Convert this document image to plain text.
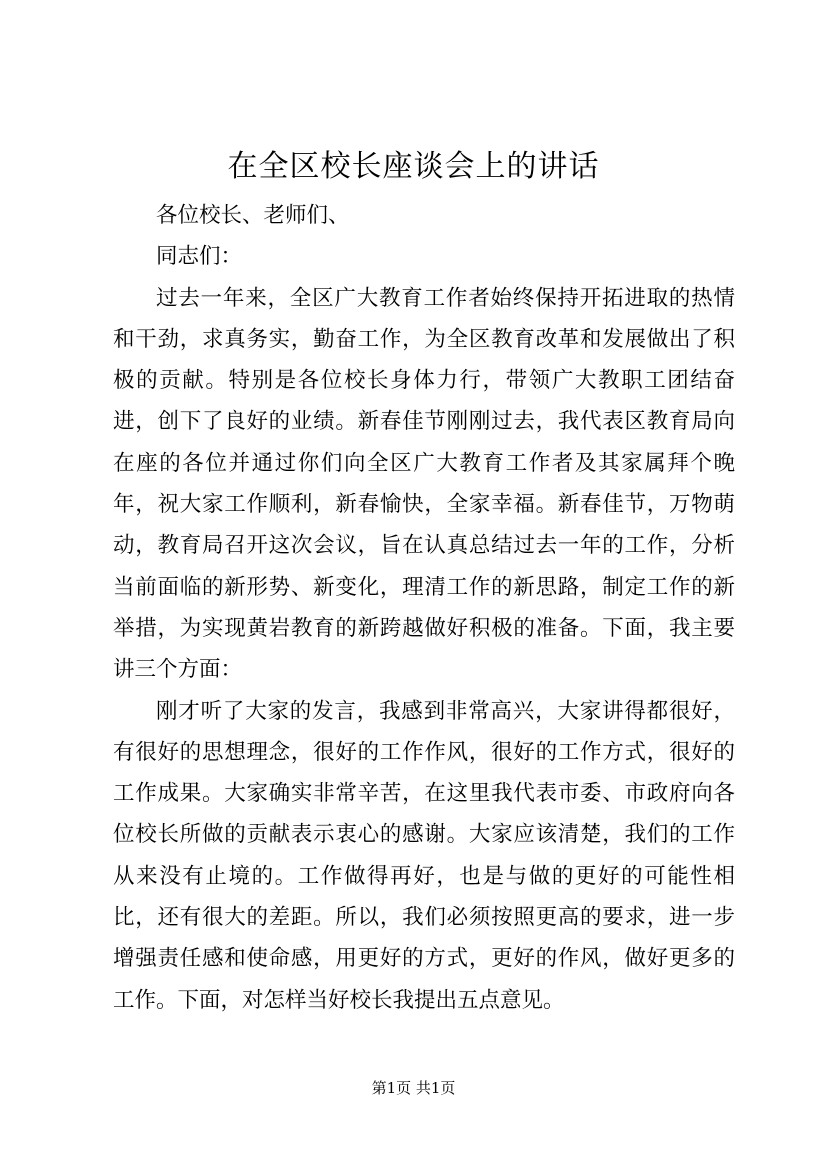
在全区校长座谈会上的讲话

各位校长、老师们、

同志们：

过去一年来，全区广大教育工作者始终保持开拓进取的热情和干劲，求真务实，勤奋工作，为全区教育改革和发展做出了积极的贡献。特别是各位校长身体力行，带领广大教职工团结奋进，创下了良好的业绩。新春佳节刚刚过去，我代表区教育局向在座的各位并通过你们向全区广大教育工作者及其家属拜个晚年，祝大家工作顺利，新春愉快，全家幸福。新春佳节，万物萌动，教育局召开这次会议，旨在认真总结过去一年的工作，分析当前面临的新形势、新变化，理清工作的新思路，制定工作的新举措，为实现黄岩教育的新跨越做好积极的准备。下面，我主要讲三个方面：

刚才听了大家的发言，我感到非常高兴，大家讲得都很好，有很好的思想理念，很好的工作作风，很好的工作方式，很好的工作成果。大家确实非常辛苦，在这里我代表市委、市政府向各位校长所做的贡献表示衷心的感谢。大家应该清楚，我们的工作从来没有止境的。工作做得再好，也是与做的更好的可能性相比，还有很大的差距。所以，我们必须按照更高的要求，进一步增强责任感和使命感，用更好的方式，更好的作风，做好更多的工作。下面，对怎样当好校长我提出五点意见。

第1页 共1页
